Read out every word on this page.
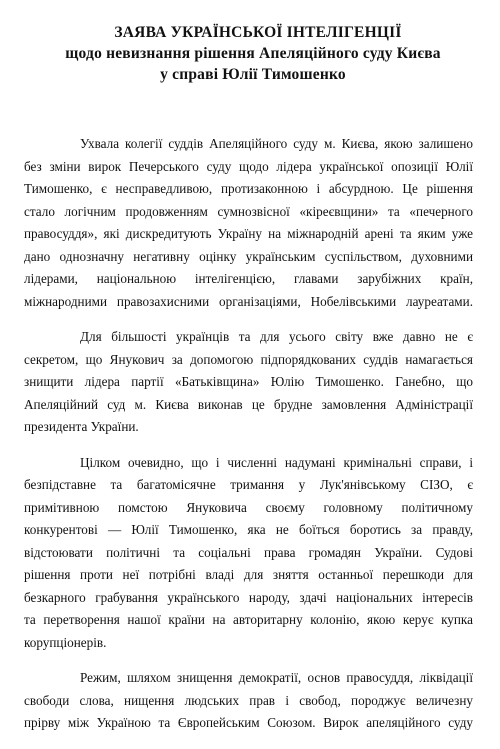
ЗАЯВА УКРАЇНСЬКОЇ ІНТЕЛІГЕНЦІЇ
щодо невизнання рішення Апеляційного суду Києва
у справі Юлії Тимошенко
Ухвала колегії суддів Апеляційного суду м. Києва, якою залишено
без зміни вирок Печерського суду щодо лідера української опозиції Юлії
Тимошенко, є несправедливою, протизаконною і абсурдною. Це рішення
стало логічним продовженням сумнозвісної «кіреєвщини» та «печерного
правосуддя», які дискредитують Україну на міжнародній арені та яким уже
дано однозначну негативну оцінку українським суспільством, духовними
лідерами, національною інтелігенцією, главами зарубіжних країн,
міжнародними правозахисними організаціями, Нобелівськими лауреатами.
Для більшості українців та для усього світу вже давно не є
секретом, що Янукович за допомогою підпорядкованих суддів намагається
знищити лідера партії «Батьківщина» Юлію Тимошенко. Ганебно, що
Апеляційний суд м. Києва виконав це брудне замовлення Адміністрації
президента України.
Цілком очевидно, що і численні надумані кримінальні справи, і
безпідставне та багатомісячне тримання у Лук'янівському СІЗО, є
примітивною помстою Януковича своєму головному політичному
конкурентові — Юлії Тимошенко, яка не боїться боротись за правду,
відстоювати політичні та соціальні права громадян України. Судові
рішення проти неї потрібні владі для зняття останньої перешкоди для
безкарного грабування українського народу, здачі національних інтересів
та перетворення нашої країни на авторитарну колонію, якою керує купка
корупціонерів.
Режим, шляхом знищення демократії, основ правосуддя, ліквідації
свободи слова, нищення людських прав і свобод, породжує величезну
прірву між Україною та Європейським Союзом. Вирок апеляційного суду
